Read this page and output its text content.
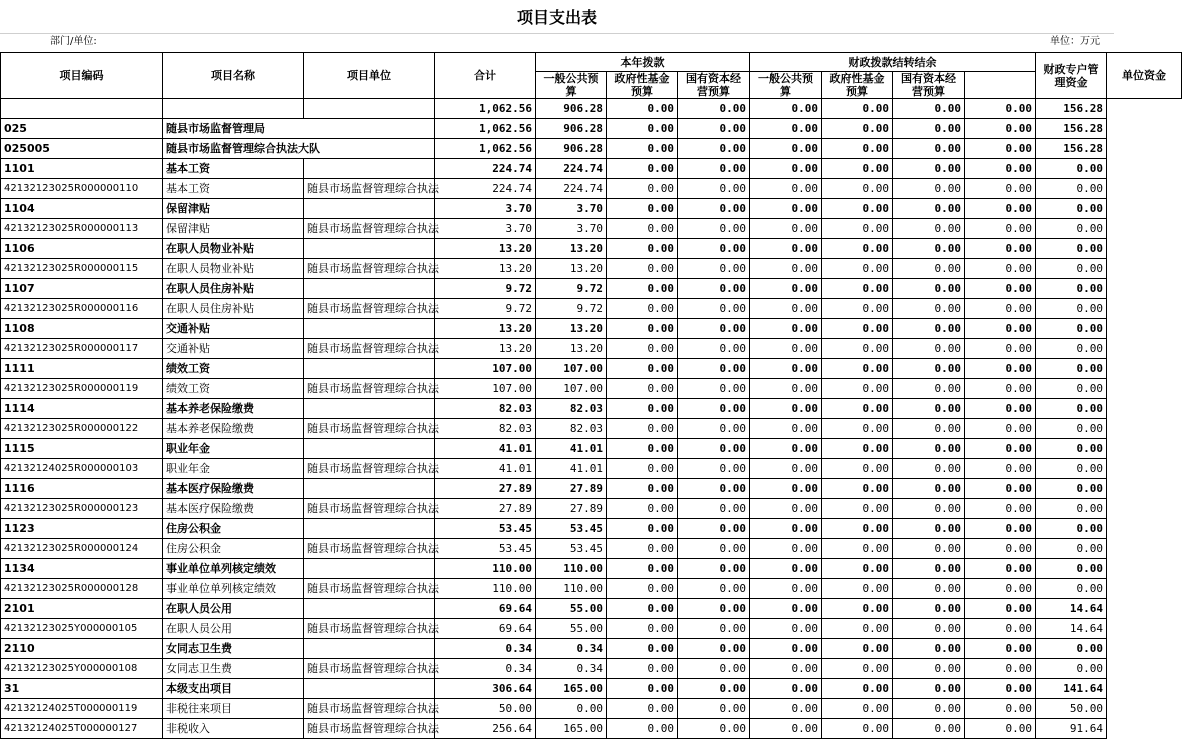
项目支出表
部门/单位:	单位：万元
项目编码	项目名称	项目单位	合计	本年拨款			财政拨款结转结余				财政专户管理资金	单位资金
				一般公共预算	政府性基金预算	国有资本经营预算	一般公共预算	政府性基金预算	国有资本经营预算			
			1,062.56	906.28	0.00	0.00	0.00	0.00	0.00	0.00	156.28	
025	随县市场监督管理局		1,062.56	906.28	0.00	0.00	0.00	0.00	0.00	0.00	156.28	
025005	随县市场监督管理综合执法大队		1,062.56	906.28	0.00	0.00	0.00	0.00	0.00	0.00	156.28	
1101	基本工资		224.74	224.74	0.00	0.00	0.00	0.00	0.00	0.00	0.00	
42132123025R000000110	基本工资	随县市场监督管理综合执法	224.74	224.74	0.00	0.00	0.00	0.00	0.00	0.00	0.00	
1104	保留津贴		3.70	3.70	0.00	0.00	0.00	0.00	0.00	0.00	0.00	
42132123025R000000113	保留津贴	随县市场监督管理综合执法	3.70	3.70	0.00	0.00	0.00	0.00	0.00	0.00	0.00	
1106	在职人员物业补贴		13.20	13.20	0.00	0.00	0.00	0.00	0.00	0.00	0.00	
42132123025R000000115	在职人员物业补贴	随县市场监督管理综合执法	13.20	13.20	0.00	0.00	0.00	0.00	0.00	0.00	0.00	
1107	在职人员住房补贴		9.72	9.72	0.00	0.00	0.00	0.00	0.00	0.00	0.00	
42132123025R000000116	在职人员住房补贴	随县市场监督管理综合执法	9.72	9.72	0.00	0.00	0.00	0.00	0.00	0.00	0.00	
1108	交通补贴		13.20	13.20	0.00	0.00	0.00	0.00	0.00	0.00	0.00	
42132123025R000000117	交通补贴	随县市场监督管理综合执法	13.20	13.20	0.00	0.00	0.00	0.00	0.00	0.00	0.00	
1111	绩效工资		107.00	107.00	0.00	0.00	0.00	0.00	0.00	0.00	0.00	
42132123025R000000119	绩效工资	随县市场监督管理综合执法	107.00	107.00	0.00	0.00	0.00	0.00	0.00	0.00	0.00	
1114	基本养老保险缴费		82.03	82.03	0.00	0.00	0.00	0.00	0.00	0.00	0.00	
42132123025R000000122	基本养老保险缴费	随县市场监督管理综合执法	82.03	82.03	0.00	0.00	0.00	0.00	0.00	0.00	0.00	
1115	职业年金		41.01	41.01	0.00	0.00	0.00	0.00	0.00	0.00	0.00	
42132124025R000000103	职业年金	随县市场监督管理综合执法	41.01	41.01	0.00	0.00	0.00	0.00	0.00	0.00	0.00	
1116	基本医疗保险缴费		27.89	27.89	0.00	0.00	0.00	0.00	0.00	0.00	0.00	
42132123025R000000123	基本医疗保险缴费	随县市场监督管理综合执法	27.89	27.89	0.00	0.00	0.00	0.00	0.00	0.00	0.00	
1123	住房公积金		53.45	53.45	0.00	0.00	0.00	0.00	0.00	0.00	0.00	
42132123025R000000124	住房公积金	随县市场监督管理综合执法	53.45	53.45	0.00	0.00	0.00	0.00	0.00	0.00	0.00	
1134	事业单位单列核定绩效		110.00	110.00	0.00	0.00	0.00	0.00	0.00	0.00	0.00	
42132123025R000000128	事业单位单列核定绩效	随县市场监督管理综合执法	110.00	110.00	0.00	0.00	0.00	0.00	0.00	0.00	0.00	
2101	在职人员公用		69.64	55.00	0.00	0.00	0.00	0.00	0.00	0.00	14.64	
42132123025Y000000105	在职人员公用	随县市场监督管理综合执法	69.64	55.00	0.00	0.00	0.00	0.00	0.00	0.00	14.64	
2110	女同志卫生费		0.34	0.34	0.00	0.00	0.00	0.00	0.00	0.00	0.00	
42132123025Y000000108	女同志卫生费	随县市场监督管理综合执法	0.34	0.34	0.00	0.00	0.00	0.00	0.00	0.00	0.00	
31	本级支出项目		306.64	165.00	0.00	0.00	0.00	0.00	0.00	0.00	141.64	
42132124025T000000119	非税往来项目	随县市场监督管理综合执法	50.00	0.00	0.00	0.00	0.00	0.00	0.00	0.00	50.00	
42132124025T000000127	非税收入	随县市场监督管理综合执法	256.64	165.00	0.00	0.00	0.00	0.00	0.00	0.00	91.64	
